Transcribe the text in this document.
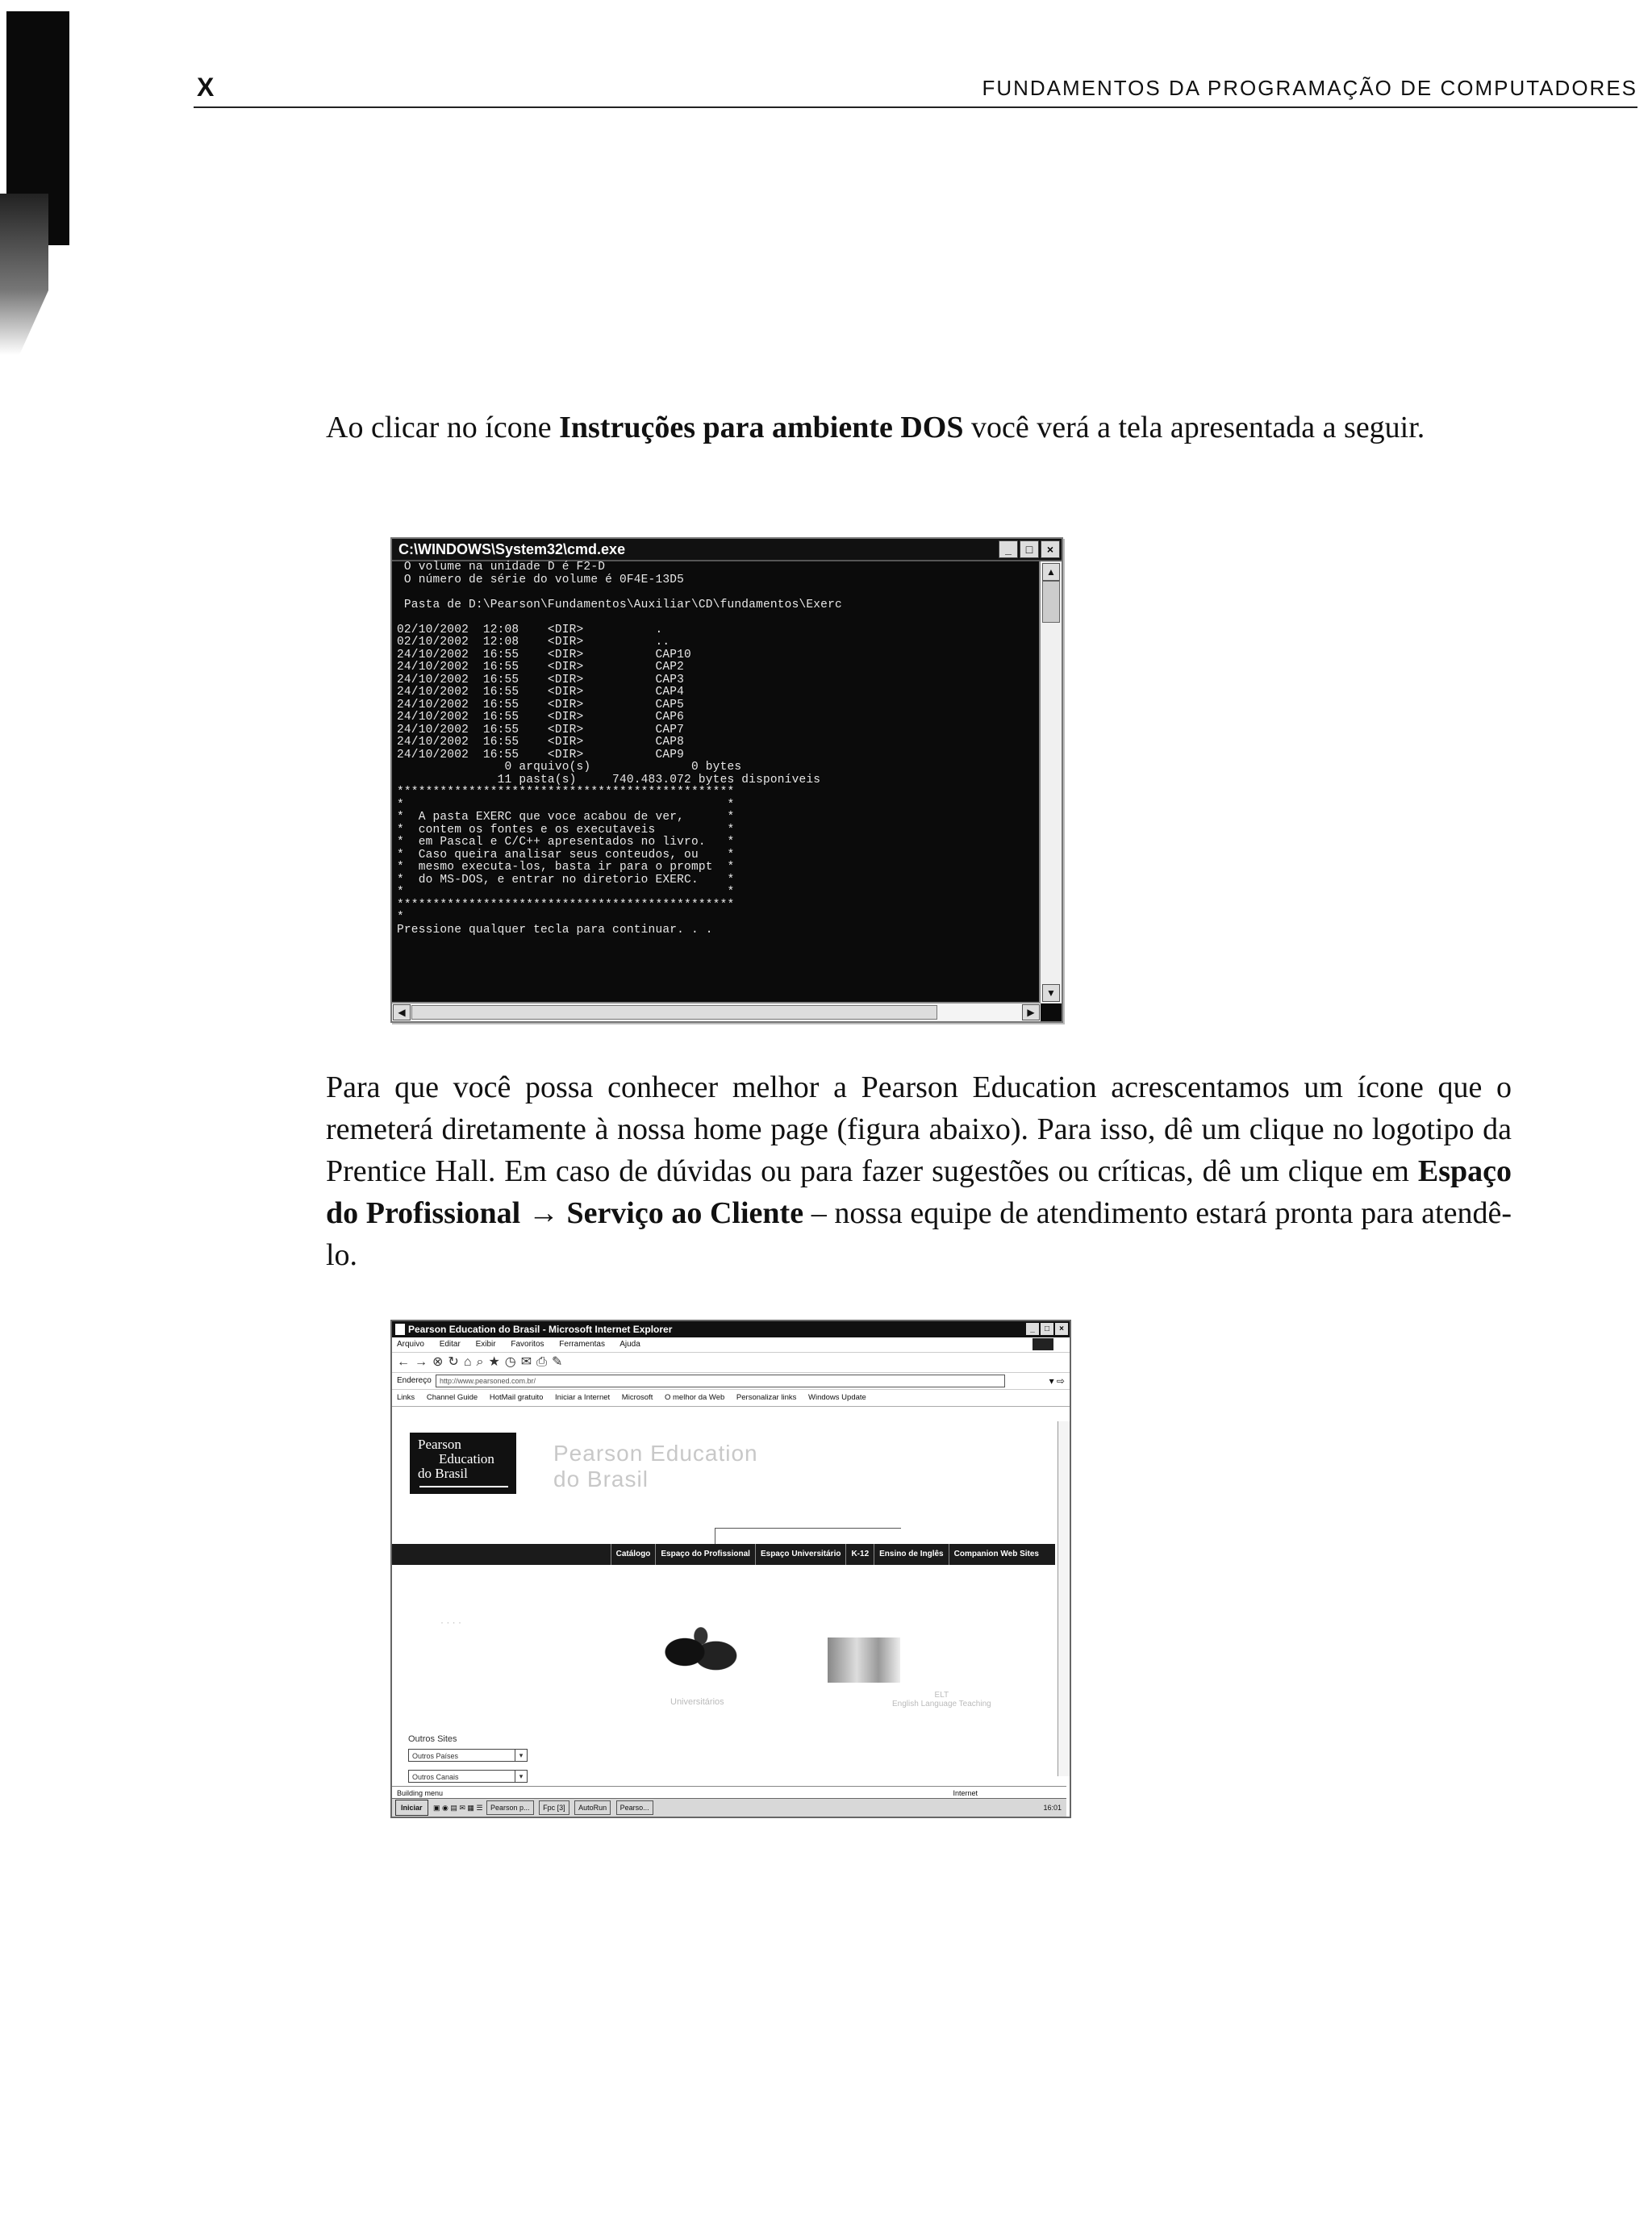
X	FUNDAMENTOS DA PROGRAMAÇÃO DE COMPUTADORES

Ao clicar no ícone Instruções para ambiente DOS você verá a tela apresentada a seguir.

C:\WINDOWS\System32\cmd.exe	_	□	×
O volume na unidade D é F2-D
O número de série do volume é 0F4E-13D5

Pasta de D:\Pearson\Fundamentos\Auxiliar\CD\fundamentos\Exerc

02/10/2002  12:08    <DIR>          .
02/10/2002  12:08    <DIR>          ..
24/10/2002  16:55    <DIR>          CAP10
24/10/2002  16:55    <DIR>          CAP2
24/10/2002  16:55    <DIR>          CAP3
24/10/2002  16:55    <DIR>          CAP4
24/10/2002  16:55    <DIR>          CAP5
24/10/2002  16:55    <DIR>          CAP6
24/10/2002  16:55    <DIR>          CAP7
24/10/2002  16:55    <DIR>          CAP8
24/10/2002  16:55    <DIR>          CAP9
0 arquivo(s)              0 bytes
11 pasta(s)     740.483.072 bytes disponíveis
***********************************************
*                                             *
*  A pasta EXERC que voce acabou de ver,      *
*  contem os fontes e os executaveis          *
*  em Pascal e C/C++ apresentados no livro.   *
*  Caso queira analisar seus conteudos, ou    *
*  mesmo executa-los, basta ir para o prompt  *
*  do MS-DOS, e entrar no diretorio EXERC.    *
*                                             *
***********************************************
*
Pressione qualquer tecla para continuar. . .
▲
▼
◀	▶

Para que você possa conhecer melhor a Pearson Education acrescentamos um ícone que o remeterá diretamente à nossa home page (figura abaixo). Para isso, dê um clique no logotipo da Prentice Hall. Em caso de dúvidas ou para fazer sugestões ou críticas, dê um clique em Espaço do Profissional → Serviço ao Cliente – nossa equipe de atendimento estará pronta para atendê-lo.

Pearson Education do Brasil - Microsoft Internet Explorer	_	□	×
Arquivo Editar Exibir Favoritos Ferramentas Ajuda
←→⊗↻⌂⌕★◷✉⎙✎
Endereço	http://www.pearsoned.com.br/	▾ ⇨
Links Channel Guide HotMail gratuito Iniciar a Internet Microsoft O melhor da Web Personalizar links Windows Update
Pearson
Education
do Brasil
Pearson Education
do Brasil
Catálogo	Espaço do Profissional	Espaço Universitário	K-12	Ensino de Inglês	Companion Web Sites
· · · ·
Universitários
ELT
English Language Teaching
Outros Sites
Outros Países ▾
Outros Canais ▾
Building menu	Internet
Iniciar ▣ ◉ ▤ ✉ ▦ ☰ Pearson p... Fpc [3] AutoRun Pearso...	16:01
